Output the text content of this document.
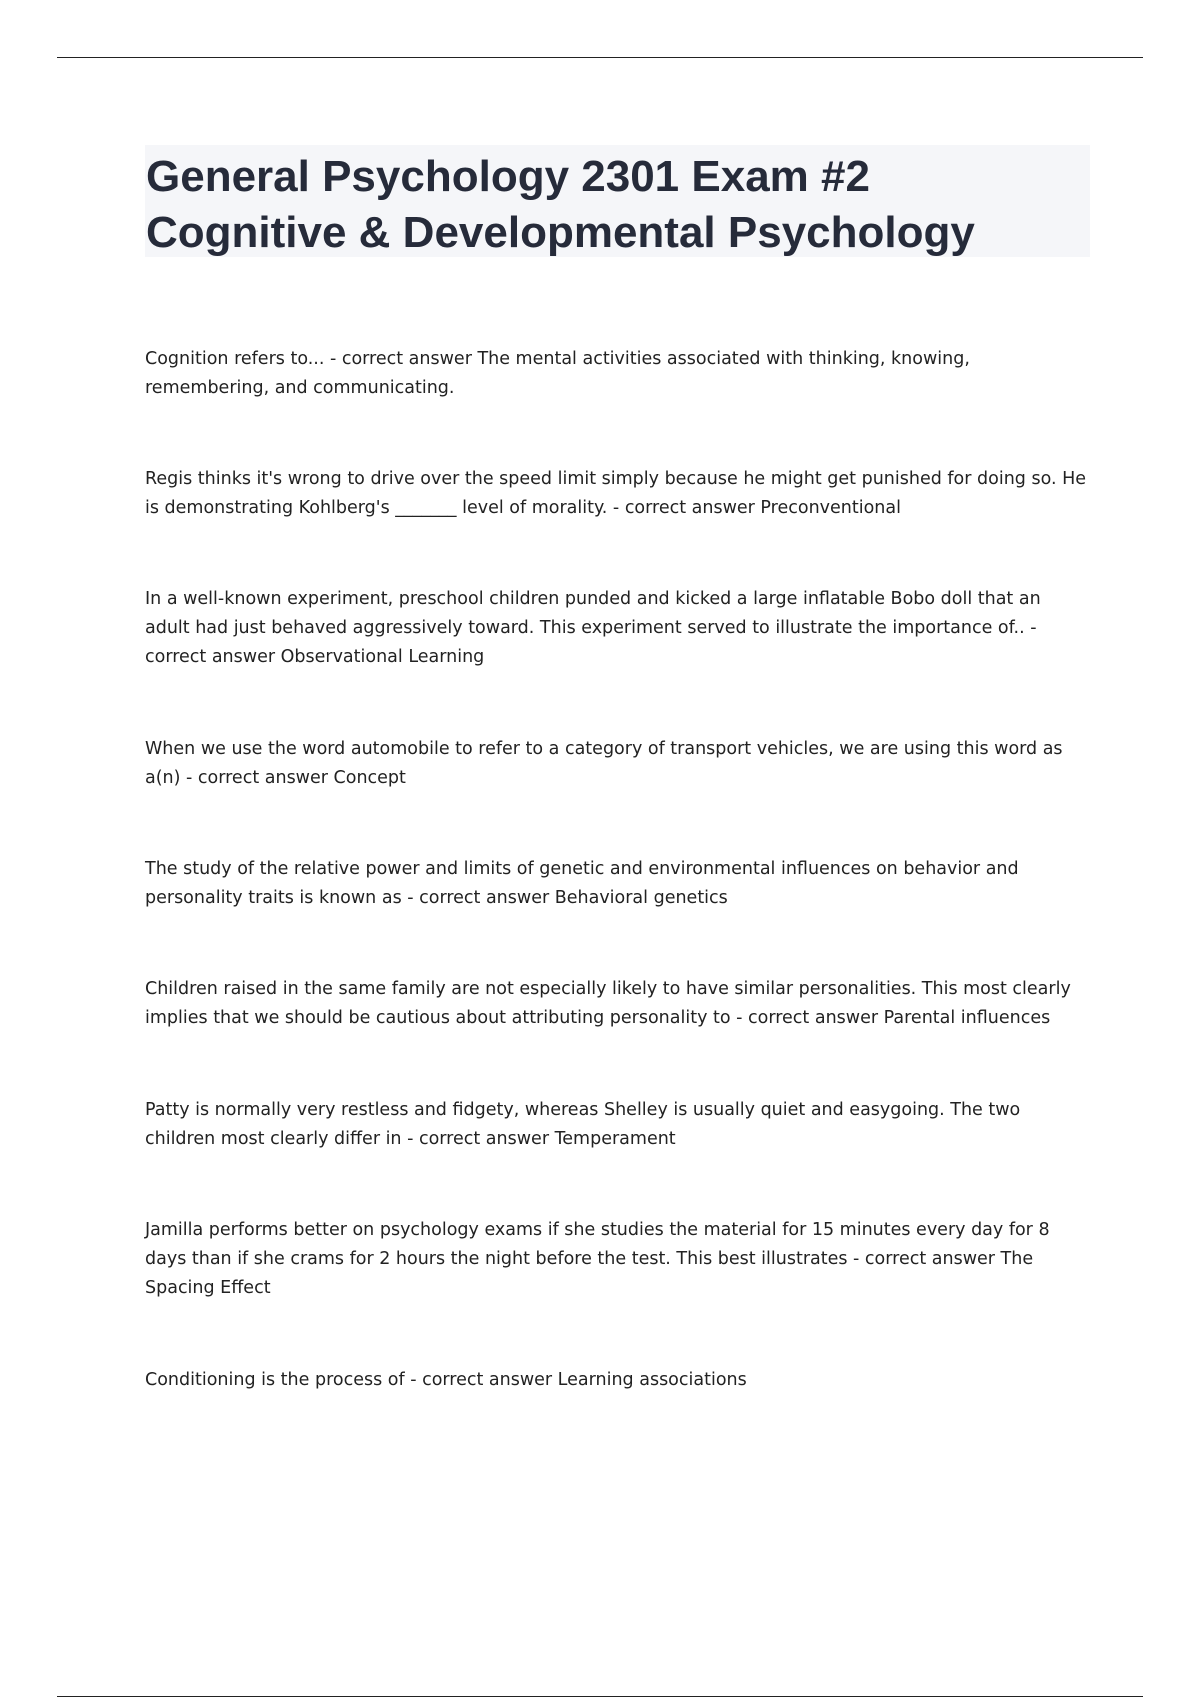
General Psychology 2301 Exam #2
Cognitive & Developmental Psychology

Cognition refers to... - correct answer The mental activities associated with thinking, knowing, remembering, and communicating.

Regis thinks it's wrong to drive over the speed limit simply because he might get punished for doing so. He is demonstrating Kohlberg's _______ level of morality. - correct answer Preconventional

In a well-known experiment, preschool children punded and kicked a large inflatable Bobo doll that an adult had just behaved aggressively toward. This experiment served to illustrate the importance of.. - correct answer Observational Learning

When we use the word automobile to refer to a category of transport vehicles, we are using this word as a(n) - correct answer Concept

The study of the relative power and limits of genetic and environmental influences on behavior and personality traits is known as - correct answer Behavioral genetics

Children raised in the same family are not especially likely to have similar personalities. This most clearly implies that we should be cautious about attributing personality to - correct answer Parental influences

Patty is normally very restless and fidgety, whereas Shelley is usually quiet and easygoing. The two children most clearly differ in - correct answer Temperament

Jamilla performs better on psychology exams if she studies the material for 15 minutes every day for 8 days than if she crams for 2 hours the night before the test. This best illustrates - correct answer The Spacing Effect

Conditioning is the process of - correct answer Learning associations
